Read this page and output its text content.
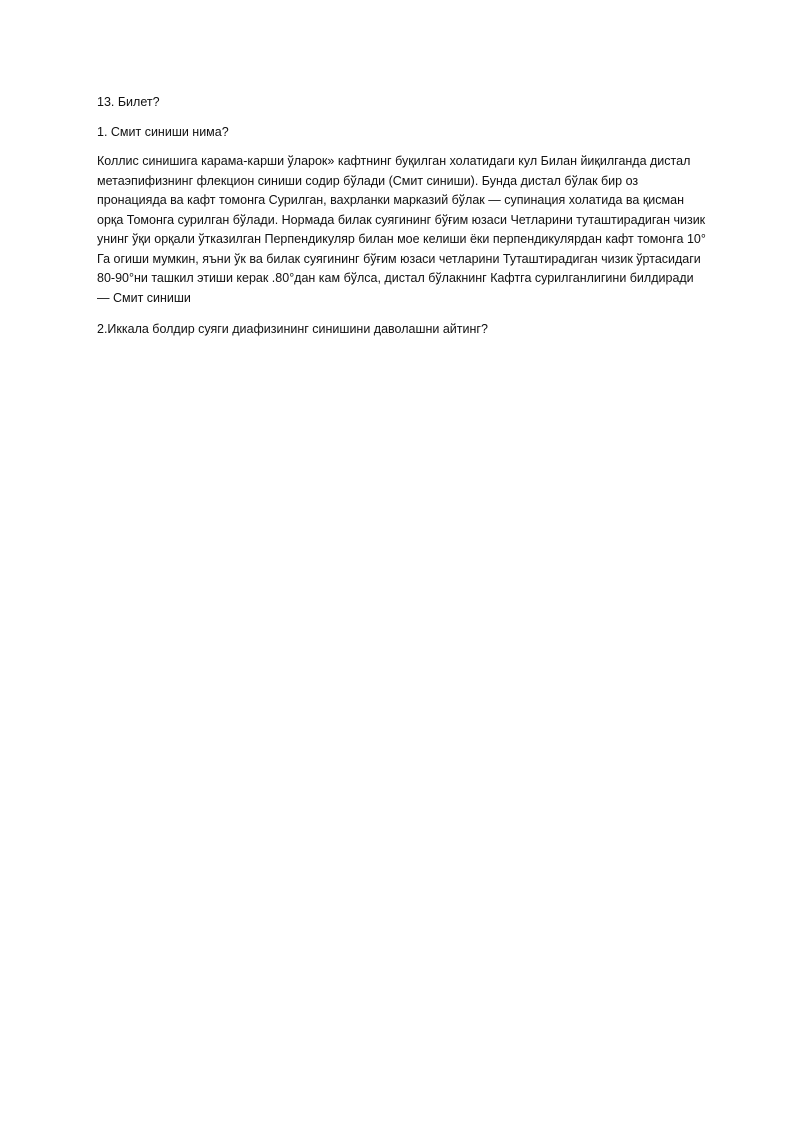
13. Билет?

1. Смит синиши нима?

Коллис синишига карама-карши ўларок» кафтнинг буқилган холатидаги кул Билан йиқилганда дистал метаэпифизнинг флекцион синиши содир бўлади (Смит синиши). Бунда дистал бўлак бир оз пронацияда ва кафт томонга Сурилган, вахрланки марказий бўлак — супинация холатида ва қисман орқа Томонга сурилган бўлади. Нормада билак суягининг бўғим юзаси Четларини туташтирадиган чизик унинг ўқи орқали ўтказилган Перпендикуляр билан мое келиши ёки перпендикулярдан кафт томонга 10° Га огиши мумкин, яъни ўк ва билак суягининг бўғим юзаси четларини Туташтирадиган чизик ўртасидаги 80-90°ни ташкил этиши керак .80°дан кам бўлса, дистал бўлакнинг Кафтга сурилганлигини билдиради — Смит синиши

2.Иккала болдир суяги диафизининг синишини даволашни айтинг?
